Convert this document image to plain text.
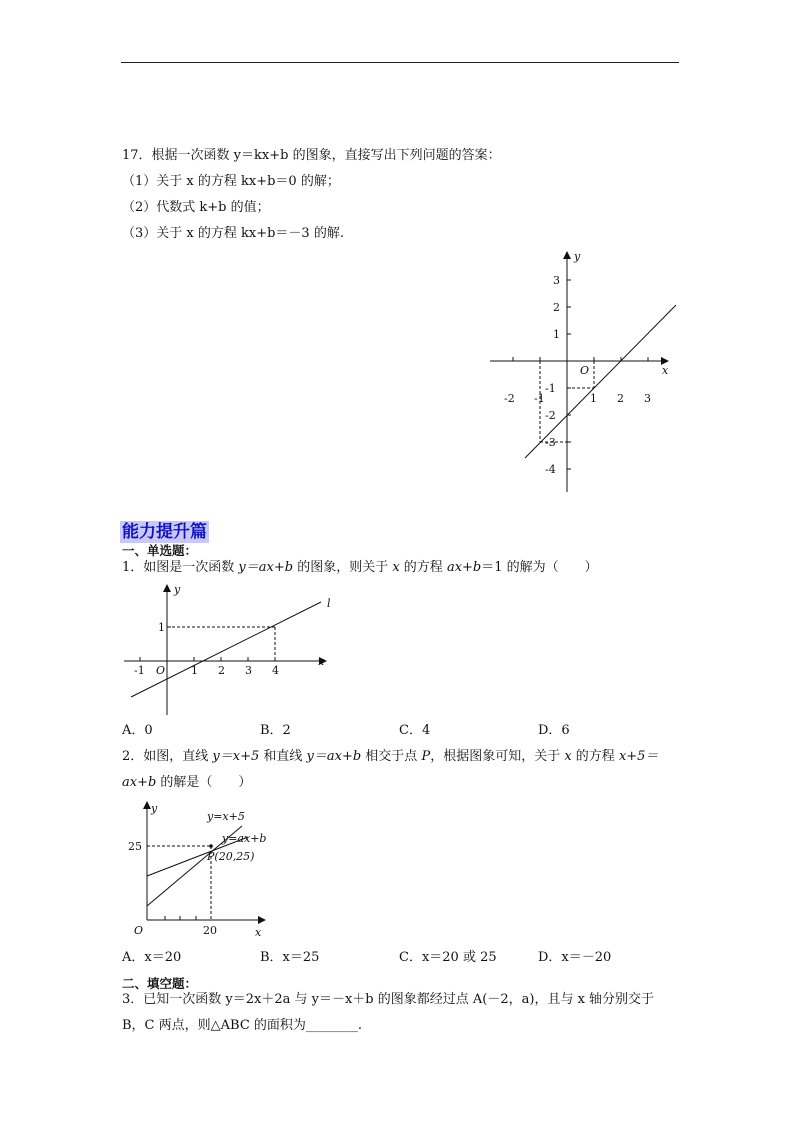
17．根据一次函数 y＝kx+b 的图象，直接写出下列问题的答案：
（1）关于 x 的方程 kx+b＝0 的解；
（2）代数式 k+b 的值；
（3）关于 x 的方程 kx+b＝－3 的解.
y
x
O
-2 -1	1 2 3
3
2
1
-1
-2
-3
-4
能力提升篇
一、单选题：
1．如图是一次函数 y＝ax+b 的图象，则关于 x 的方程 ax+b＝1 的解为（　　）
y
x
O
l
-1	1 2 3 4
1
A．0	B．2	C．4	D．6
2．如图，直线 y＝x+5 和直线 y＝ax+b 相交于点 P，根据图象可知，关于 x 的方程 x+5＝
ax+b 的解是（　　）
y
x
O	20
25
y=x+5
y=ax+b
P(20,25)
A．x＝20	B．x＝25	C．x＝20 或 25	D．x＝－20
二、填空题：
3．已知一次函数 y＝2x＋2a 与 y＝－x＋b 的图象都经过点 A(－2，a)，且与 x 轴分别交于
B，C 两点，则△ABC 的面积为________.
